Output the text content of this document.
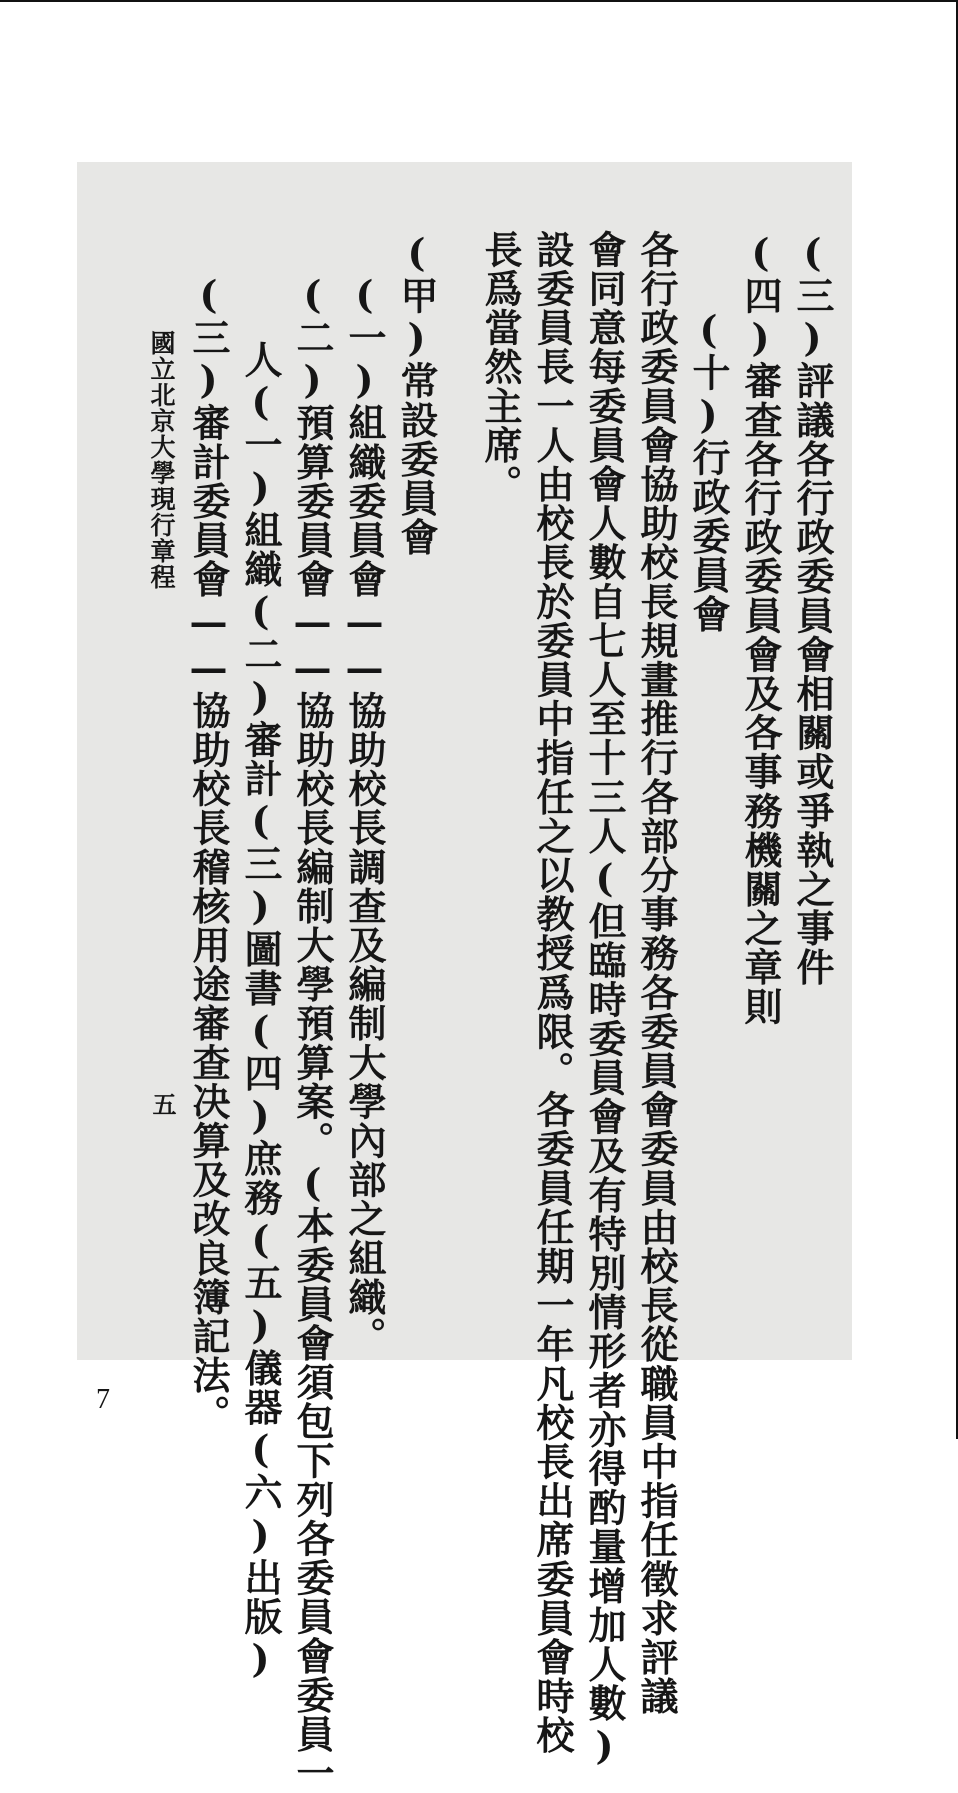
(三)評議各行政委員會相關或爭執之事件
(四)審查各行政委員會及各事務機關之章則
(十)行政委員會
各行政委員會協助校長規畫推行各部分事務各委員會委員由校長從職員中指任徵求評議
會同意每委員會人數自七人至十三人(但臨時委員會及有特別情形者亦得酌量增加人數)
設委員長一人由校長於委員中指任之以教授爲限。各委員任期一年凡校長出席委員會時校
長爲當然主席。
(甲)常設委員會
(一)組織委員會——協助校長調查及編制大學內部之組織。
(二)預算委員會——協助校長編制大學預算案。(本委員會須包下列各委員會委員一
人(一)組織(二)審計(三)圖書(四)庶務(五)儀器(六)出版)
(三)審計委員會——協助校長稽核用途審查决算及改良簿記法。
國立北京大學現行章程
五
7
